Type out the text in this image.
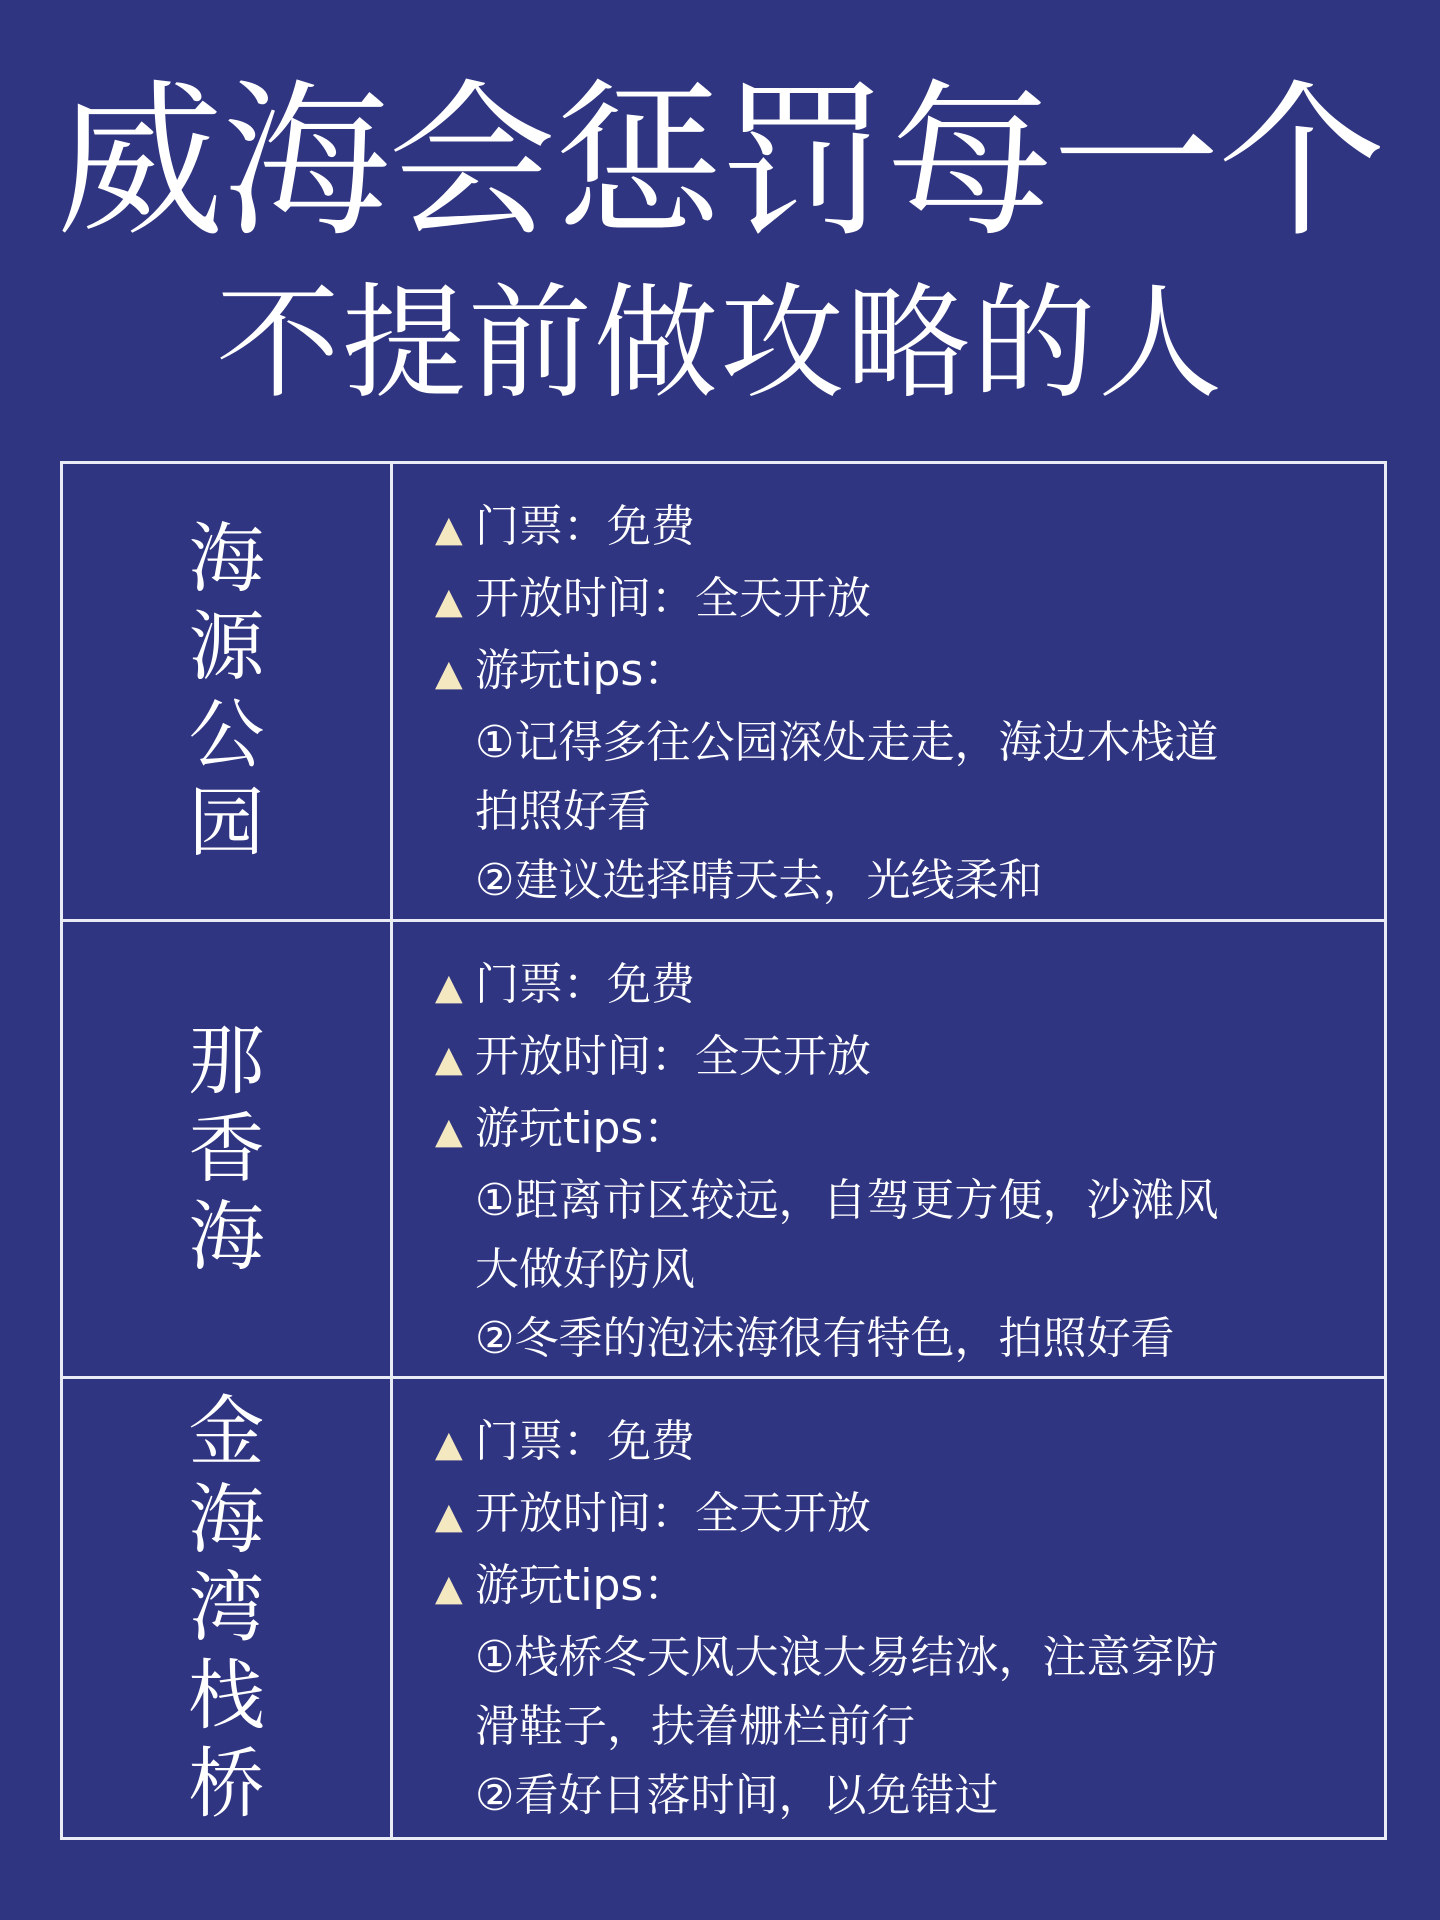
威海会惩罚每一个
不提前做攻略的人
海源公园
▲ 门票：免费
▲ 开放时间：全天开放
▲ 游玩tips：
①记得多往公园深处走走，海边木栈道
拍照好看
②建议选择晴天去，光线柔和
那香海
▲ 门票：免费
▲ 开放时间：全天开放
▲ 游玩tips：
①距离市区较远，自驾更方便，沙滩风
大做好防风
②冬季的泡沫海很有特色，拍照好看
金海湾栈桥
▲ 门票：免费
▲ 开放时间：全天开放
▲ 游玩tips：
①栈桥冬天风大浪大易结冰，注意穿防
滑鞋子，扶着栅栏前行
②看好日落时间，以免错过
